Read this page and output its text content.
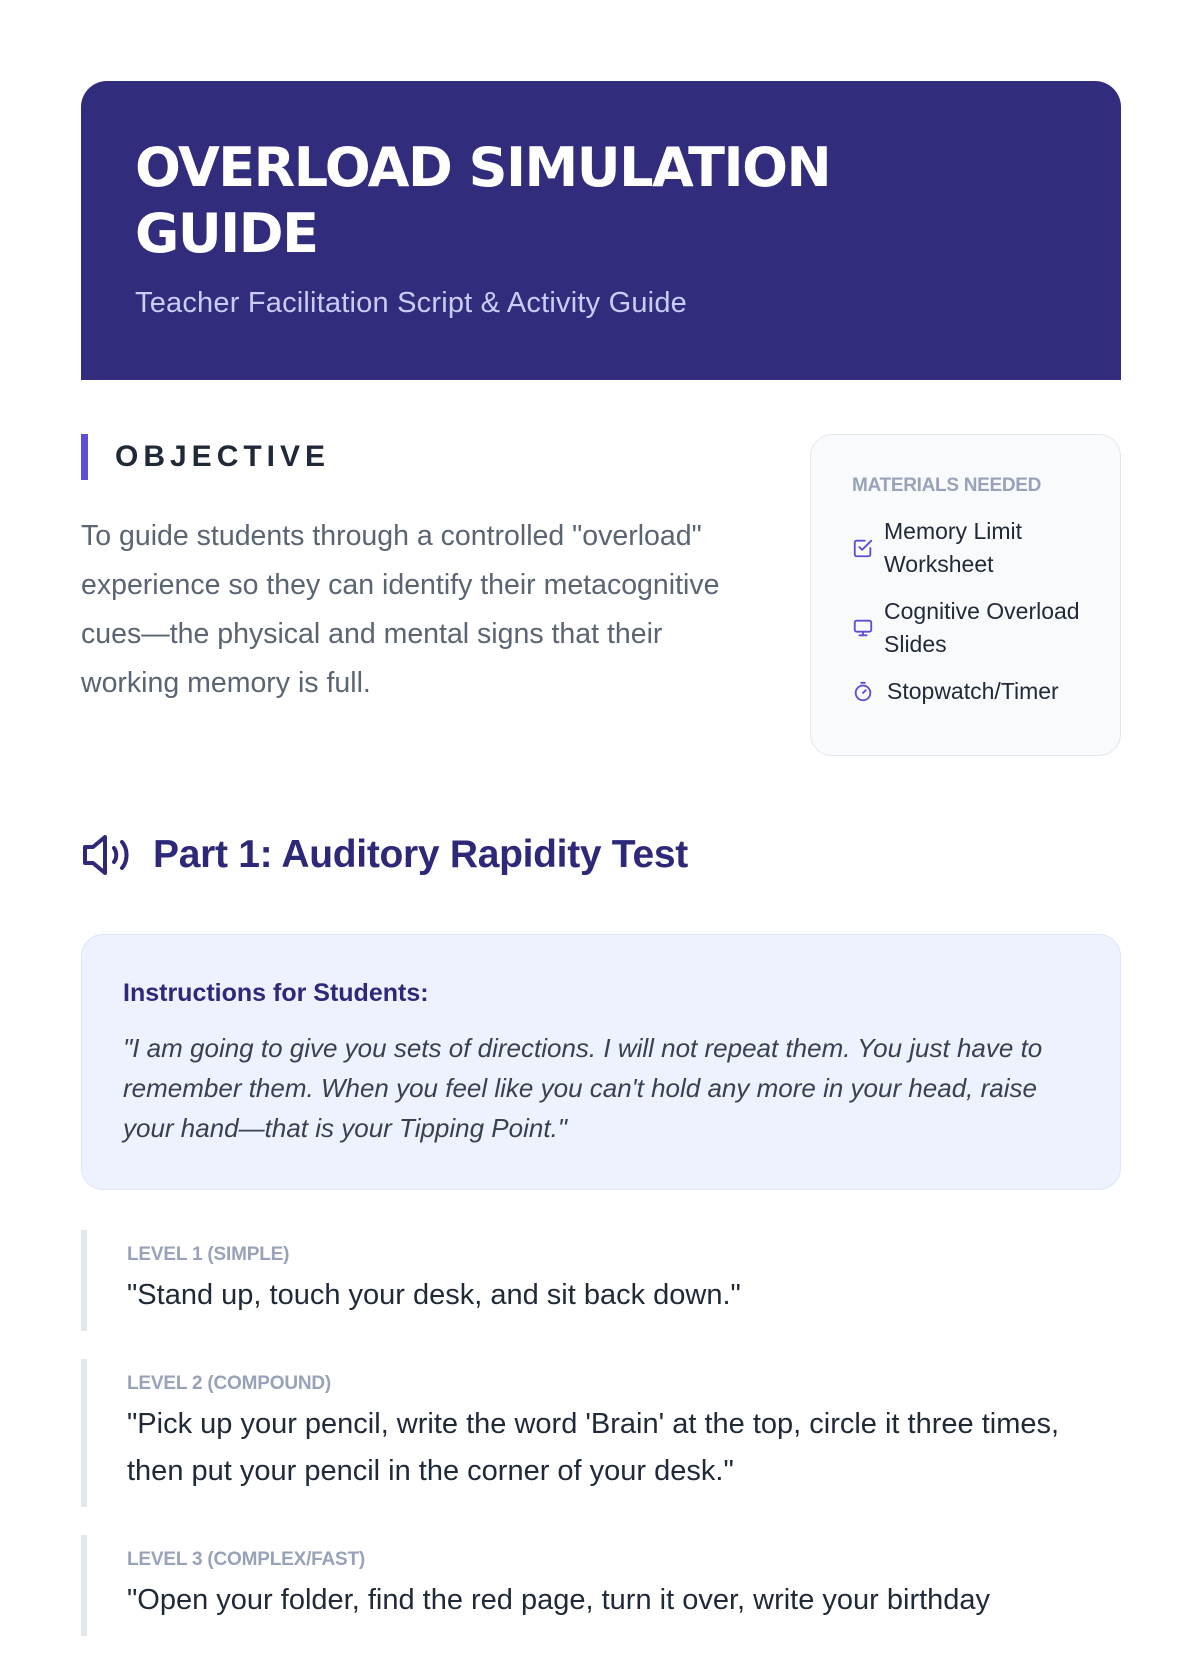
OVERLOAD SIMULATION GUIDE
Teacher Facilitation Script & Activity Guide
OBJECTIVE

To guide students through a controlled "overload" experience so they can identify their metacognitive cues—the physical and mental signs that their working memory is full.

MATERIALS NEEDED
Memory Limit Worksheet
Cognitive Overload Slides
Stopwatch/Timer
Part 1: Auditory Rapidity Test
Instructions for Students:
"I am going to give you sets of directions. I will not repeat them. You just have to remember them. When you feel like you can't hold any more in your head, raise your hand—that is your Tipping Point."
LEVEL 1 (SIMPLE)
"Stand up, touch your desk, and sit back down."
LEVEL 2 (COMPOUND)
"Pick up your pencil, write the word 'Brain' at the top, circle it three times, then put your pencil in the corner of your desk."
LEVEL 3 (COMPLEX/FAST)
"Open your folder, find the red page, turn it over, write your birthday
